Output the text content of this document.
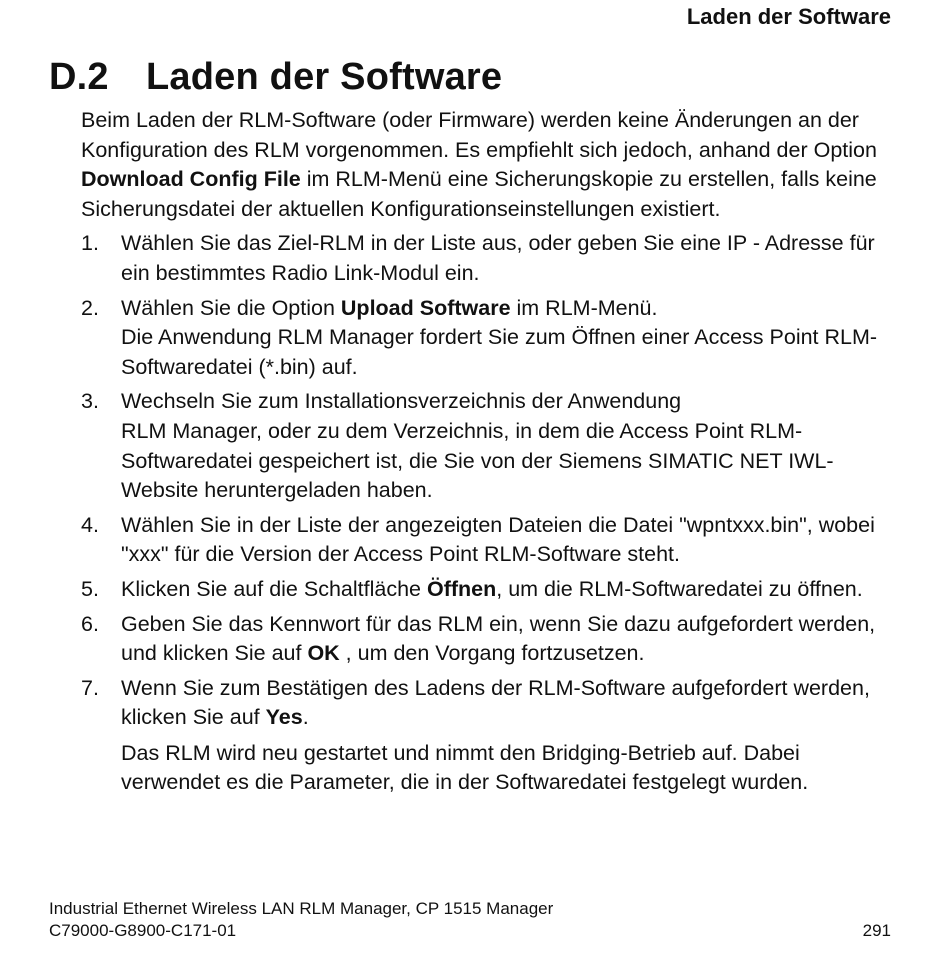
Laden der Software
D.2 Laden der Software

Beim Laden der RLM-Software (oder Firmware) werden keine Änderungen an der Konfiguration des RLM vorgenommen. Es empfiehlt sich jedoch, anhand der Option Download Config File im RLM-Menü eine Sicherungskopie zu erstellen, falls keine Sicherungsdatei der aktuellen Konfigurationseinstellungen existiert.

1. Wählen Sie das Ziel-RLM in der Liste aus, oder geben Sie eine IP - Adresse für ein bestimmtes Radio Link-Modul ein.
2. Wählen Sie die Option Upload Software im RLM-Menü.
Die Anwendung RLM Manager fordert Sie zum Öffnen einer Access Point RLM-Softwaredatei (*.bin) auf.
3. Wechseln Sie zum Installationsverzeichnis der Anwendung
RLM Manager, oder zu dem Verzeichnis, in dem die Access Point RLM-Softwaredatei gespeichert ist, die Sie von der Siemens SIMATIC NET IWL-Website heruntergeladen haben.
4. Wählen Sie in der Liste der angezeigten Dateien die Datei "wpntxxx.bin", wobei "xxx" für die Version der Access Point RLM-Software steht.
5. Klicken Sie auf die Schaltfläche Öffnen, um die RLM-Softwaredatei zu öffnen.
6. Geben Sie das Kennwort für das RLM ein, wenn Sie dazu aufgefordert werden, und klicken Sie auf OK , um den Vorgang fortzusetzen.
7. Wenn Sie zum Bestätigen des Ladens der RLM-Software aufgefordert werden, klicken Sie auf Yes.
Das RLM wird neu gestartet und nimmt den Bridging-Betrieb auf. Dabei verwendet es die Parameter, die in der Softwaredatei festgelegt wurden.
Industrial Ethernet Wireless LAN RLM Manager, CP 1515 Manager
C79000-G8900-C171-01	291
